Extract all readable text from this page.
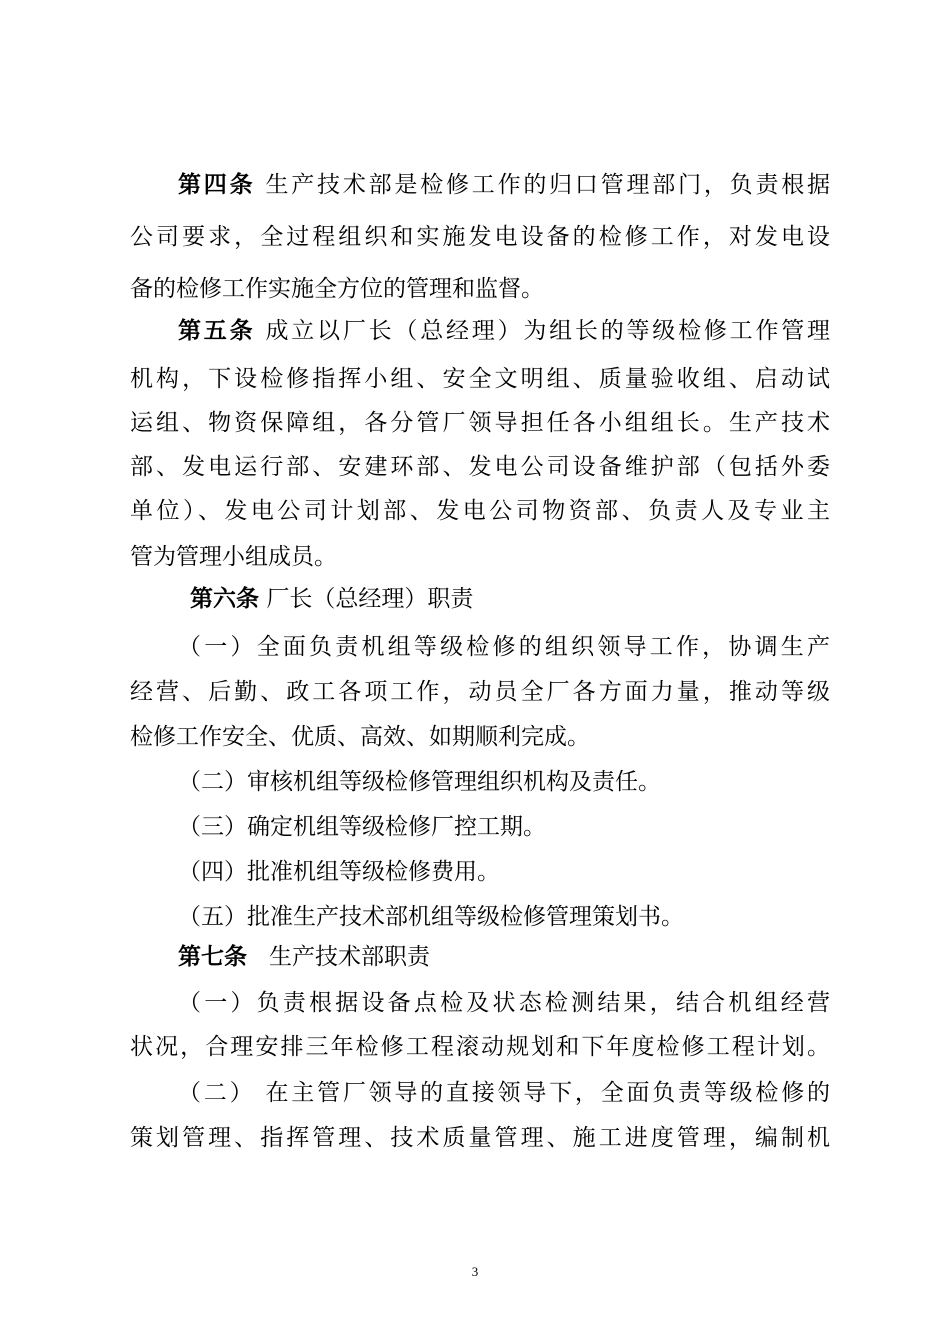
第四条 生产技术部是检修工作的归口管理部门，负责根据
公司要求，全过程组织和实施发电设备的检修工作，对发电设
备的检修工作实施全方位的管理和监督。
第五条 成立以厂长（总经理）为组长的等级检修工作管理
机构，下设检修指挥小组、安全文明组、质量验收组、启动试
运组、物资保障组，各分管厂领导担任各小组组长。生产技术
部、发电运行部、安建环部、发电公司设备维护部（包括外委
单位）、发电公司计划部、发电公司物资部、负责人及专业主
管为管理小组成员。
第六条 厂长（总经理）职责
（一）全面负责机组等级检修的组织领导工作，协调生产
经营、后勤、政工各项工作，动员全厂各方面力量，推动等级
检修工作安全、优质、高效、如期顺利完成。
（二）审核机组等级检修管理组织机构及责任。
（三）确定机组等级检修厂控工期。
（四）批准机组等级检修费用。
（五）批准生产技术部机组等级检修管理策划书。
第七条 生产技术部职责
（一）负责根据设备点检及状态检测结果，结合机组经营
状况，合理安排三年检修工程滚动规划和下年度检修工程计划。
（二） 在主管厂领导的直接领导下，全面负责等级检修的
策划管理、指挥管理、技术质量管理、施工进度管理，编制机
3
